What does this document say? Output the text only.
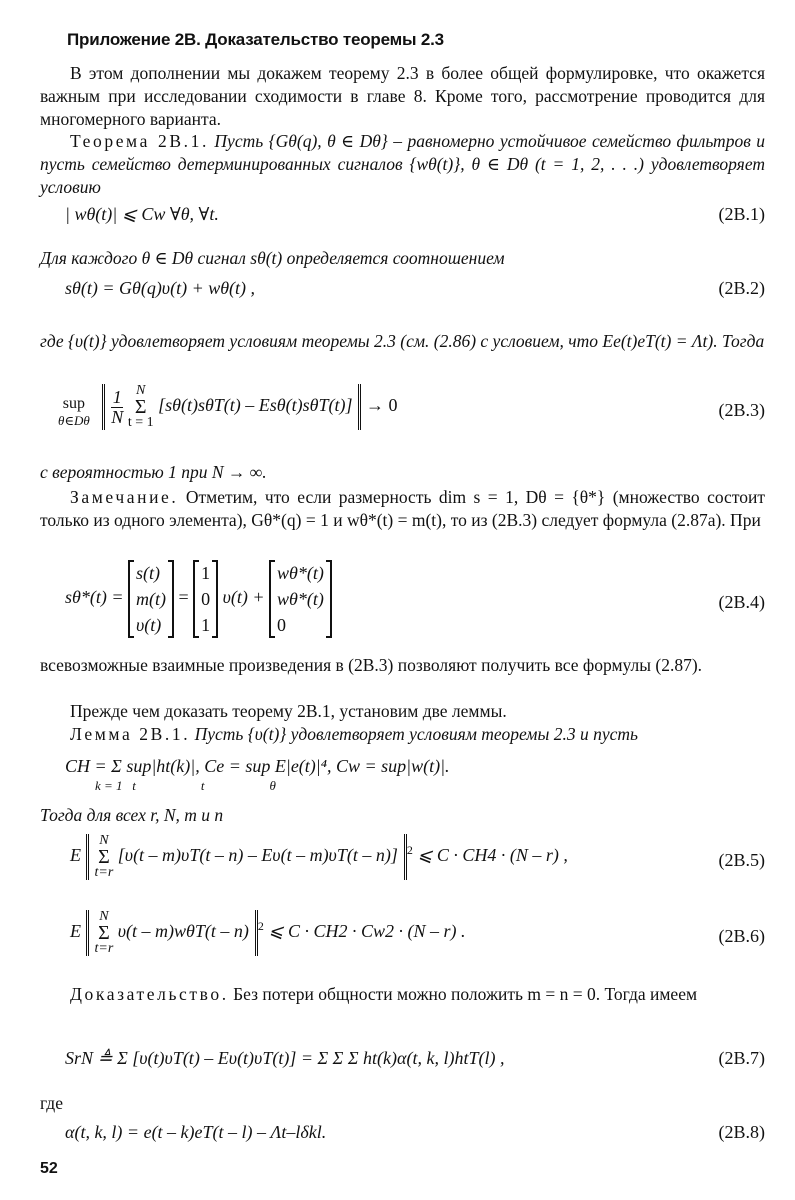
Приложение 2В. Доказательство теоремы 2.3
В этом дополнении мы докажем теорему 2.3 в более общей формулировке, что окажется важным при исследовании сходимости в главе 8. Кроме того, рассмотрение проводится для многомерного варианта.
Теорема 2В.1. Пусть {Gθ(q), θ ∈ Dθ} – равномерно устойчивое семейство фильтров и пусть семейство детерминированных сигналов {wθ(t)}, θ ∈ Dθ (t = 1, 2, . . .) удовлетворяет условию
| wθ(t)| ⩽ Cw ∀θ, ∀t.	(2В.1)
Для каждого θ ∈ Dθ сигнал sθ(t) определяется соотношением
sθ(t) = Gθ(q)υ(t) + wθ(t) ,	(2В.2)
где {υ(t)} удовлетворяет условиям теоремы 2.3 (см. (2.86) с условием, что Ee(t)eT(t) = Λt). Тогда
sup
θ∈Dθ $\frac{1}{N}$ N
Σ
t = 1 [sθ(t)sθT(t) – Esθ(t)sθT(t)] → 0	(2В.3)
с вероятностью 1 при N → ∞.
Замечание. Отметим, что если размерность dim s = 1, Dθ = {θ*} (множество состоит только из одного элемента), Gθ*(q) = 1 и wθ*(t) = m(t), то из (2В.3) следует формула (2.87а). При
sθ*(t) =
s(t)
m(t)
υ(t)
=
1
0
1
υ(t) +
wθ*(t)
wθ*(t)
0
(2В.4)
всевозможные взаимные произведения в (2В.3) позволяют получить все формулы (2.87).
Прежде чем доказать теорему 2В.1, установим две леммы.
Лемма 2В.1. Пусть {υ(t)} удовлетворяет условиям теоремы 2.3 и пусть
CH = Σ sup|ht(k)|, Ce = sup E|e(t)|⁴, Cw = sup|w(t)|.
k = 1   t                    t                    θ
Тогда для всех r, N, m и n
E N
Σ
t=r [υ(t – m)υT(t – n) – Eυ(t – m)υT(t – n)] $^2$ ⩽ C · CH4 · (N – r) ,	(2В.5)
E N
Σ
t=r υ(t – m)wθT(t – n) $^2$ ⩽ C · CH2 · Cw2 · (N – r) .	(2В.6)
Доказательство. Без потери общности можно положить m = n = 0. Тогда имеем
SrN ≜ Σ [υ(t)υT(t) – Eυ(t)υT(t)] = Σ Σ Σ ht(k)α(t, k, l)htT(l) ,	(2В.7)
где
α(t, k, l) = e(t – k)eT(t – l) – Λt–lδkl.	(2В.8)
52
